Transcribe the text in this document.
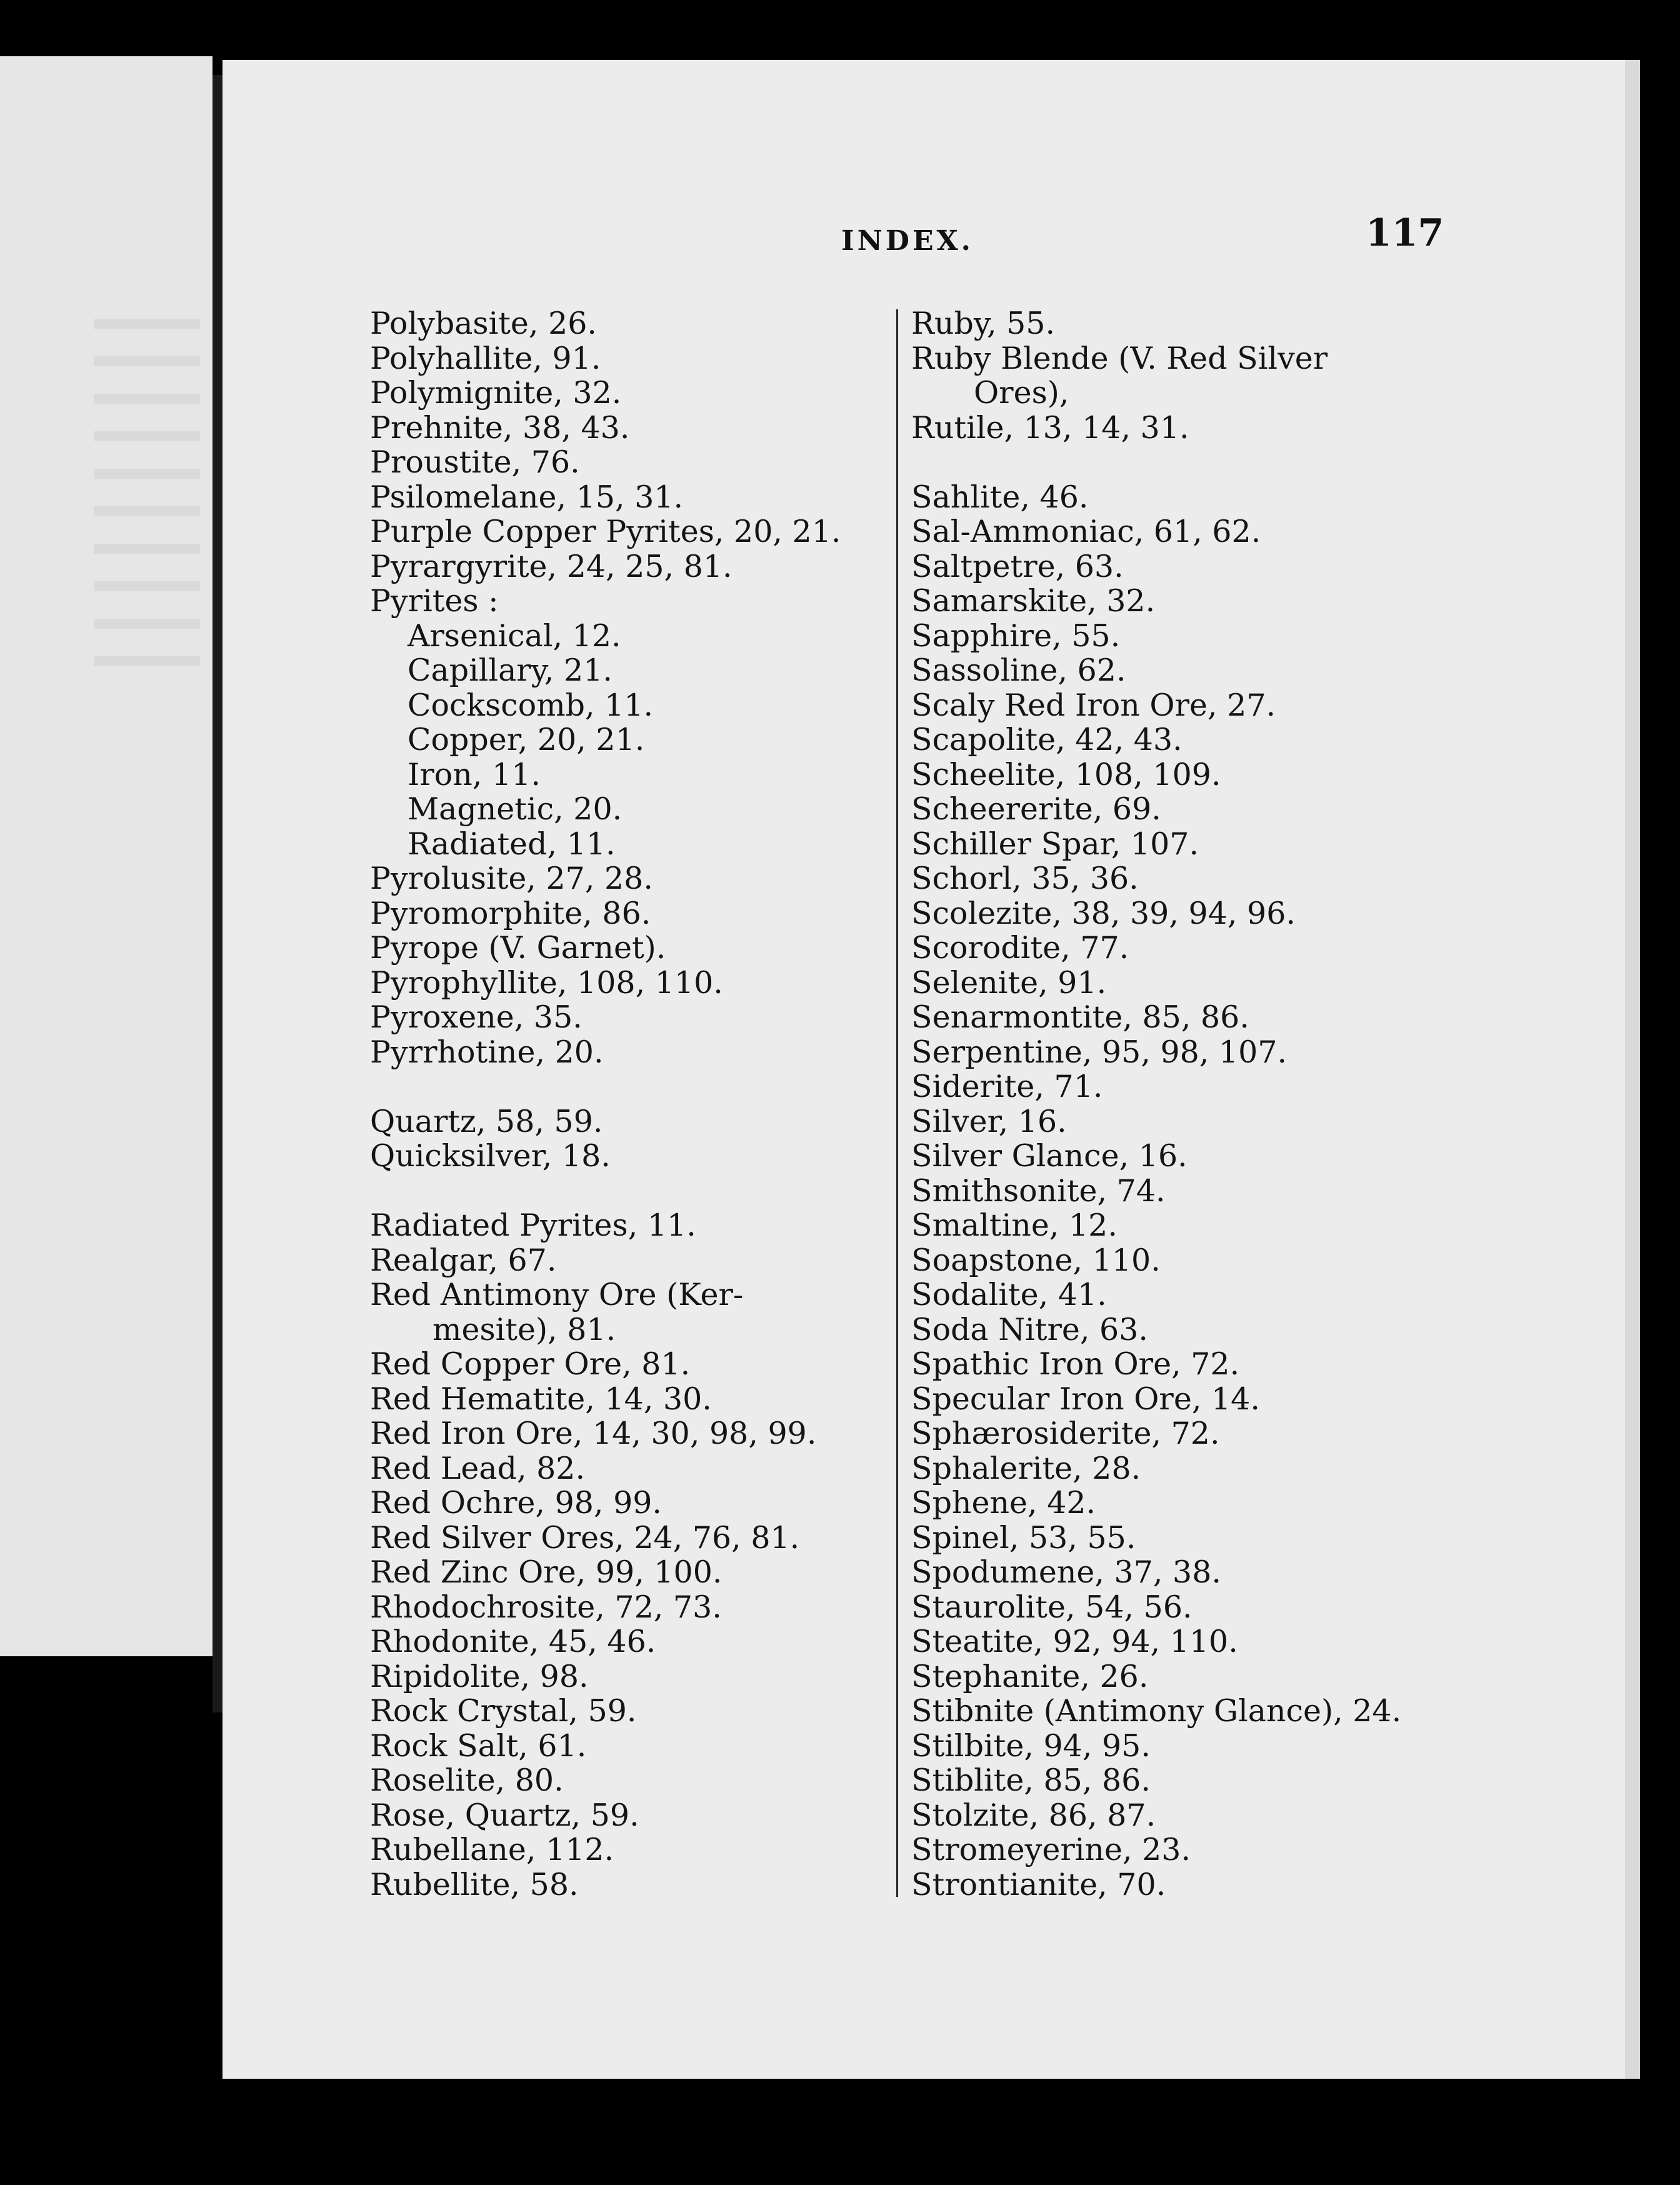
INDEX.	117
Polybasite, 26.
Polyhallite, 91.
Polymignite, 32.
Prehnite, 38, 43.
Proustite, 76.
Psilomelane, 15, 31.
Purple Copper Pyrites, 20, 21.
Pyrargyrite, 24, 25, 81.
Pyrites :
Arsenical, 12.
Capillary, 21.
Cockscomb, 11.
Copper, 20, 21.
Iron, 11.
Magnetic, 20.
Radiated, 11.
Pyrolusite, 27, 28.
Pyromorphite, 86.
Pyrope (V. Garnet).
Pyrophyllite, 108, 110.
Pyroxene, 35.
Pyrrhotine, 20.
Quartz, 58, 59.
Quicksilver, 18.
Radiated Pyrites, 11.
Realgar, 67.
Red Antimony Ore (Ker-
mesite), 81.
Red Copper Ore, 81.
Red Hematite, 14, 30.
Red Iron Ore, 14, 30, 98, 99.
Red Lead, 82.
Red Ochre, 98, 99.
Red Silver Ores, 24, 76, 81.
Red Zinc Ore, 99, 100.
Rhodochrosite, 72, 73.
Rhodonite, 45, 46.
Ripidolite, 98.
Rock Crystal, 59.
Rock Salt, 61.
Roselite, 80.
Rose, Quartz, 59.
Rubellane, 112.
Rubellite, 58.
Ruby, 55.
Ruby Blende (V. Red Silver
Ores),
Rutile, 13, 14, 31.
Sahlite, 46.
Sal-Ammoniac, 61, 62.
Saltpetre, 63.
Samarskite, 32.
Sapphire, 55.
Sassoline, 62.
Scaly Red Iron Ore, 27.
Scapolite, 42, 43.
Scheelite, 108, 109.
Scheererite, 69.
Schiller Spar, 107.
Schorl, 35, 36.
Scolezite, 38, 39, 94, 96.
Scorodite, 77.
Selenite, 91.
Senarmontite, 85, 86.
Serpentine, 95, 98, 107.
Siderite, 71.
Silver, 16.
Silver Glance, 16.
Smithsonite, 74.
Smaltine, 12.
Soapstone, 110.
Sodalite, 41.
Soda Nitre, 63.
Spathic Iron Ore, 72.
Specular Iron Ore, 14.
Sphærosiderite, 72.
Sphalerite, 28.
Sphene, 42.
Spinel, 53, 55.
Spodumene, 37, 38.
Staurolite, 54, 56.
Steatite, 92, 94, 110.
Stephanite, 26.
Stibnite (Antimony Glance), 24.
Stilbite, 94, 95.
Stiblite, 85, 86.
Stolzite, 86, 87.
Stromeyerine, 23.
Strontianite, 70.
